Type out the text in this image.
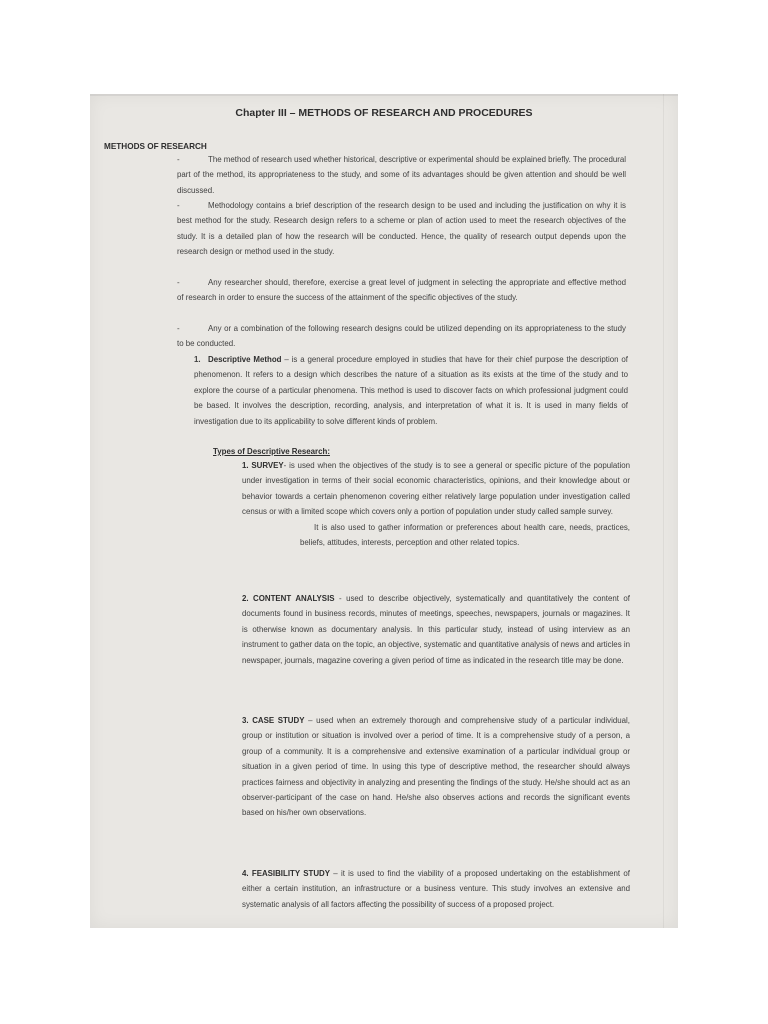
Chapter III – METHODS OF RESEARCH AND PROCEDURES
METHODS OF RESEARCH
-	The method of research used whether historical, descriptive or experimental should be explained briefly. The procedural part of the method, its appropriateness to the study, and some of its advantages should be given attention and should be well discussed.
-	Methodology contains a brief description of the research design to be used and including the justification on why it is best method for the study. Research design refers to a scheme or plan of action used to meet the research objectives of the study. It is a detailed plan of how the research will be conducted. Hence, the quality of research output depends upon the research design or method used in the study.
-	Any researcher should, therefore, exercise a great level of judgment in selecting the appropriate and effective method of research in order to ensure the success of the attainment of the specific objectives of the study.
-	Any or a combination of the following research designs could be utilized depending on its appropriateness to the study to be conducted.
1. Descriptive Method – is a general procedure employed in studies that have for their chief purpose the description of phenomenon. It refers to a design which describes the nature of a situation as its exists at the time of the study and to explore the course of a particular phenomena. This method is used to discover facts on which professional judgment could be based. It involves the description, recording, analysis, and interpretation of what it is. It is used in many fields of investigation due to its applicability to solve different kinds of problem.
Types of Descriptive Research:
1. SURVEY- is used when the objectives of the study is to see a general or specific picture of the population under investigation in terms of their social economic characteristics, opinions, and their knowledge about or behavior towards a certain phenomenon covering either relatively large population under investigation called census or with a limited scope which covers only a portion of population under study called sample survey.
It is also used to gather information or preferences about health care, needs, practices, beliefs, attitudes, interests, perception and other related topics.
2. CONTENT ANALYSIS - used to describe objectively, systematically and quantitatively the content of documents found in business records, minutes of meetings, speeches, newspapers, journals or magazines. It is otherwise known as documentary analysis. In this particular study, instead of using interview as an instrument to gather data on the topic, an objective, systematic and quantitative analysis of news and articles in newspaper, journals, magazine covering a given period of time as indicated in the research title may be done.
3. CASE STUDY – used when an extremely thorough and comprehensive study of a particular individual, group or institution or situation is involved over a period of time. It is a comprehensive study of a person, a group of a community. It is a comprehensive and extensive examination of a particular individual group or situation in a given period of time. In using this type of descriptive method, the researcher should always practices fairness and objectivity in analyzing and presenting the findings of the study. He/she should act as an observer-participant of the case on hand. He/she also observes actions and records the significant events based on his/her own observations.
4. FEASIBILITY STUDY – it is used to find the viability of a proposed undertaking on the establishment of either a certain institution, an infrastructure or a business venture. This study involves an extensive and systematic analysis of all factors affecting the possibility of success of a proposed project.
